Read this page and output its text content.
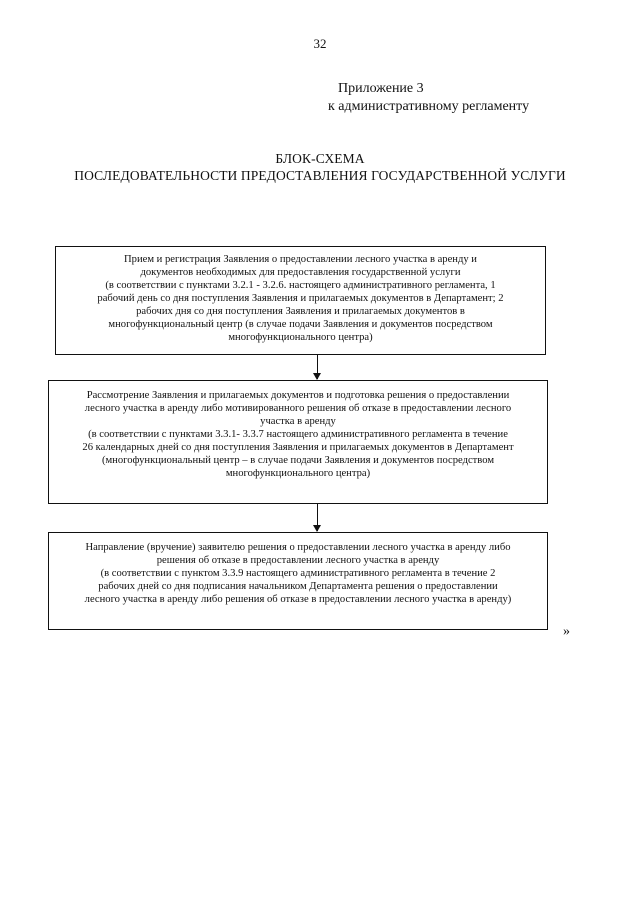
32
Приложение 3
к административному регламенту
БЛОК-СХЕМА
ПОСЛЕДОВАТЕЛЬНОСТИ ПРЕДОСТАВЛЕНИЯ ГОСУДАРСТВЕННОЙ УСЛУГИ
Прием и регистрация Заявления о предоставлении лесного участка в аренду и
документов необходимых для предоставления государственной услуги
(в соответствии с пунктами 3.2.1 - 3.2.6. настоящего административного регламента, 1
рабочий день со дня поступления Заявления и прилагаемых документов в Департамент; 2
рабочих дня со дня поступления Заявления и прилагаемых документов в
многофункциональный центр (в случае подачи Заявления и документов посредством
многофункционального центра)
Рассмотрение Заявления и прилагаемых документов и подготовка решения о предоставлении
лесного участка в аренду либо мотивированного решения об отказе в предоставлении лесного
участка в аренду
(в соответствии с пунктами 3.3.1- 3.3.7 настоящего административного регламента в течение
26 календарных дней со дня поступления Заявления и прилагаемых документов в Департамент
(многофункциональный центр – в случае подачи Заявления и документов посредством
многофункционального центра)
Направление (вручение) заявителю решения о предоставлении лесного участка в аренду либо
решения об отказе в предоставлении лесного участка в аренду
(в соответствии с пунктом 3.3.9 настоящего административного регламента в течение 2
рабочих дней со дня подписания начальником Департамента решения о предоставлении
лесного участка в аренду либо решения об отказе в предоставлении лесного участка в аренду)
»
